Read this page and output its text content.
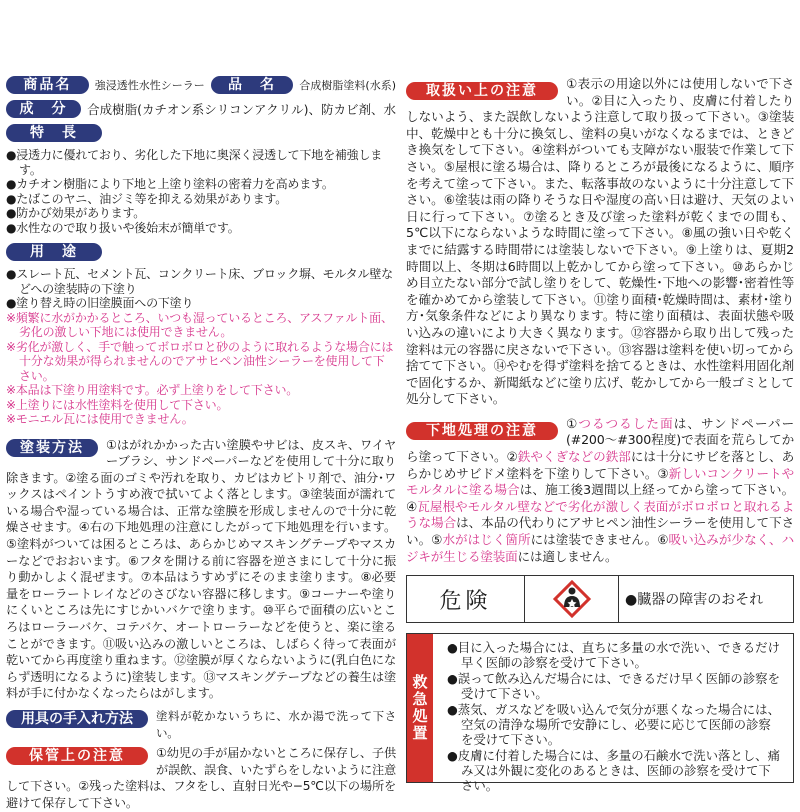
商品名	強浸透性水性シーラー	品　名	合成樹脂塗料(水系)
成　分	合成樹脂(カチオン系シリコンアクリル)、防カビ剤、水
特　長
●浸透力に優れており、劣化した下地に奥深く浸透して下地を補強します。
●カチオン樹脂により下地と上塗り塗料の密着力を高めます。
●たばこのヤニ、油ジミ等を抑える効果があります。
●防かび効果があります。
●水性なので取り扱いや後始末が簡単です。
用　途
●スレート瓦、セメント瓦、コンクリート床、ブロック塀、モルタル壁などへの塗装時の下塗り
●塗り替え時の旧塗膜面への下塗り
※頻繁に水がかかるところ、いつも湿っているところ、アスファルト面、劣化の激しい下地には使用できません。
※劣化が激しく、手で触ってボロボロと砂のように取れるような場合には十分な効果が得られませんのでアサヒペン油性シーラーを使用して下さい。
※本品は下塗り用塗料です。必ず上塗りをして下さい。
※上塗りには水性塗料を使用して下さい。
※モニエル瓦には使用できません。
塗装方法	①はがれかかった古い塗膜やサビは、皮スキ、ワイヤーブラシ、サンドペーパーなどを使用して十分に取り除きます。②塗る面のゴミや汚れを取り、カビはカビトリ剤で、油分･ワックスはペイントうすめ液で拭いてよく落とします。③塗装面が濡れている場合や湿っている場合は、正常な塗膜を形成しませんので十分に乾燥させます。④右の下地処理の注意にしたがって下地処理を行います。⑤塗料がついては困るところは、あらかじめマスキングテープやマスカーなどでおおいます。⑥フタを開ける前に容器を逆さまにして十分に振り動かしよく混ぜます。⑦本品はうすめずにそのまま塗ります。⑧必要量をローラートレイなどのさびない容器に移します。⑨コーナーや塗りにくいところは先にすじかいバケで塗ります。⑩平らで面積の広いところはローラーバケ、コテバケ、オートローラーなどを使うと、楽に塗ることができます。⑪吸い込みの激しいところは、しばらく待って表面が乾いてから再度塗り重ねます。⑫塗膜が厚くならないように(乳白色にならず透明になるように)塗装します。⑬マスキングテープなどの養生は塗料が手に付かなくなったらはがします。
用具の手入れ方法	塗料が乾かないうちに、水か湯で洗って下さい。
保管上の注意	①幼児の手が届かないところに保存し、子供が誤飲、誤食、いたずらをしないように注意して下さい。②残った塗料は、フタをし、直射日光や−5℃以下の場所を避けて保存して下さい。
取扱い上の注意	①表示の用途以外には使用しないで下さい。②目に入ったり、皮膚に付着したりしないよう、また誤飲しないよう注意して取り扱って下さい。③塗装中、乾燥中とも十分に換気し、塗料の臭いがなくなるまでは、ときどき換気をして下さい。④塗料がついても支障がない服装で作業して下さい。⑤屋根に塗る場合は、降りるところが最後になるように、順序を考えて塗って下さい。また、転落事故のないように十分注意して下さい。⑥塗装は雨の降りそうな日や湿度の高い日は避け、天気のよい日に行って下さい。⑦塗るとき及び塗った塗料が乾くまでの間も、5℃以下にならないような時間に塗って下さい。⑧風の強い日や乾くまでに結露する時間帯には塗装しないで下さい。⑨上塗りは、夏期2時間以上、冬期は6時間以上乾かしてから塗って下さい。⑩あらかじめ目立たない部分で試し塗りをして、乾燥性･下地への影響･密着性等を確かめてから塗装して下さい。⑪塗り面積･乾燥時間は、素材･塗り方･気象条件などにより異なります。特に塗り面積は、表面状態や吸い込みの違いにより大きく異なります。⑫容器から取り出して残った塗料は元の容器に戻さないで下さい。⑬容器は塗料を使い切ってから捨てて下さい。⑭やむを得ず塗料を捨てるときは、水性塗料用固化剤で固化するか、新聞紙などに塗り広げ、乾かしてから一般ゴミとして処分して下さい。
下地処理の注意	①つるつるした面は、サンドペーパー(#200〜#300程度)で表面を荒らしてから塗って下さい。②鉄やくぎなどの鉄部には十分にサビを落とし、あらかじめサビドメ塗料を下塗りして下さい。③新しいコンクリートやモルタルに塗る場合は、施工後3週間以上経ってから塗って下さい。④瓦屋根やモルタル壁などで劣化が激しく表面がボロボロと取れるような場合は、本品の代わりにアサヒペン油性シーラーを使用して下さい。⑤水がはじく箇所には塗装できません。⑥吸い込みが少なく、ハジキが生じる塗装面には適しません。
危険	●臓器の障害のおそれ
救急処置
●目に入った場合には、直ちに多量の水で洗い、できるだけ早く医師の診察を受けて下さい。
●誤って飲み込んだ場合には、できるだけ早く医師の診察を受けて下さい。
●蒸気、ガスなどを吸い込んで気分が悪くなった場合には、空気の清浄な場所で安静にし、必要に応じて医師の診察を受けて下さい。
●皮膚に付着した場合には、多量の石鹸水で洗い落とし、痛み又は外観に変化のあるときは、医師の診察を受けて下さい。
